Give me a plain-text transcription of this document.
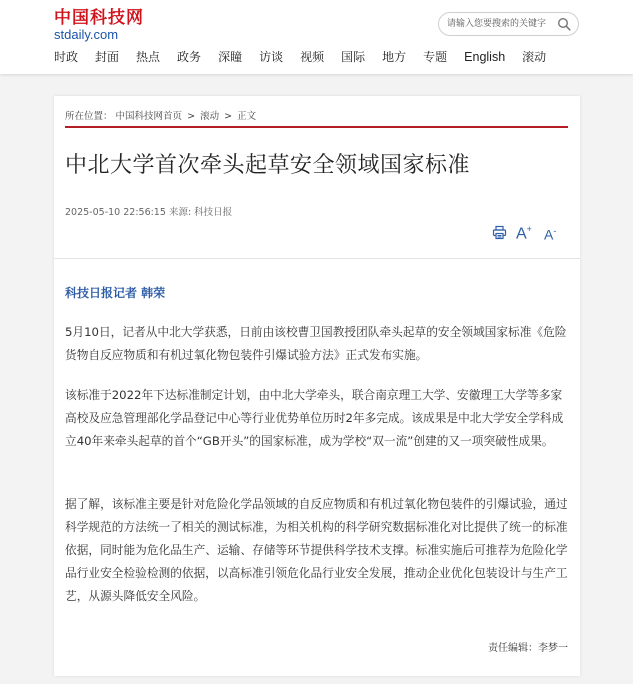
中国科技网
stdaily.com
请输入您要搜索的关键字
时政 封面 热点 政务 深瞳 访谈 视频 国际 地方 专题 English 滚动
所在位置： 中国科技网首页 > 滚动 > 正文
中北大学首次牵头起草安全领域国家标准
2025-05-10 22:56:15 来源: 科技日报
A+ A-
科技日报记者 韩荣
5月10日，记者从中北大学获悉，日前由该校曹卫国教授团队牵头起草的安全领域国家标准《危险货物自反应物质和有机过氧化物包装件引爆试验方法》正式发布实施。
该标准于2022年下达标准制定计划，由中北大学牵头，联合南京理工大学、安徽理工大学等多家高校及应急管理部化学品登记中心等行业优势单位历时2年多完成。该成果是中北大学安全学科成立40年来牵头起草的首个“GB开头”的国家标准，成为学校“双一流”创建的又一项突破性成果。
据了解，该标准主要是针对危险化学品领域的自反应物质和有机过氧化物包装件的引爆试验，通过科学规范的方法统一了相关的测试标准，为相关机构的科学研究数据标准化对比提供了统一的标准依据，同时能为危化品生产、运输、存储等环节提供科学技术支撑。标准实施后可推荐为危险化学品行业安全检验检测的依据，以高标准引领危化品行业安全发展，推动企业优化包装设计与生产工艺，从源头降低安全风险。
责任编辑：李梦一
